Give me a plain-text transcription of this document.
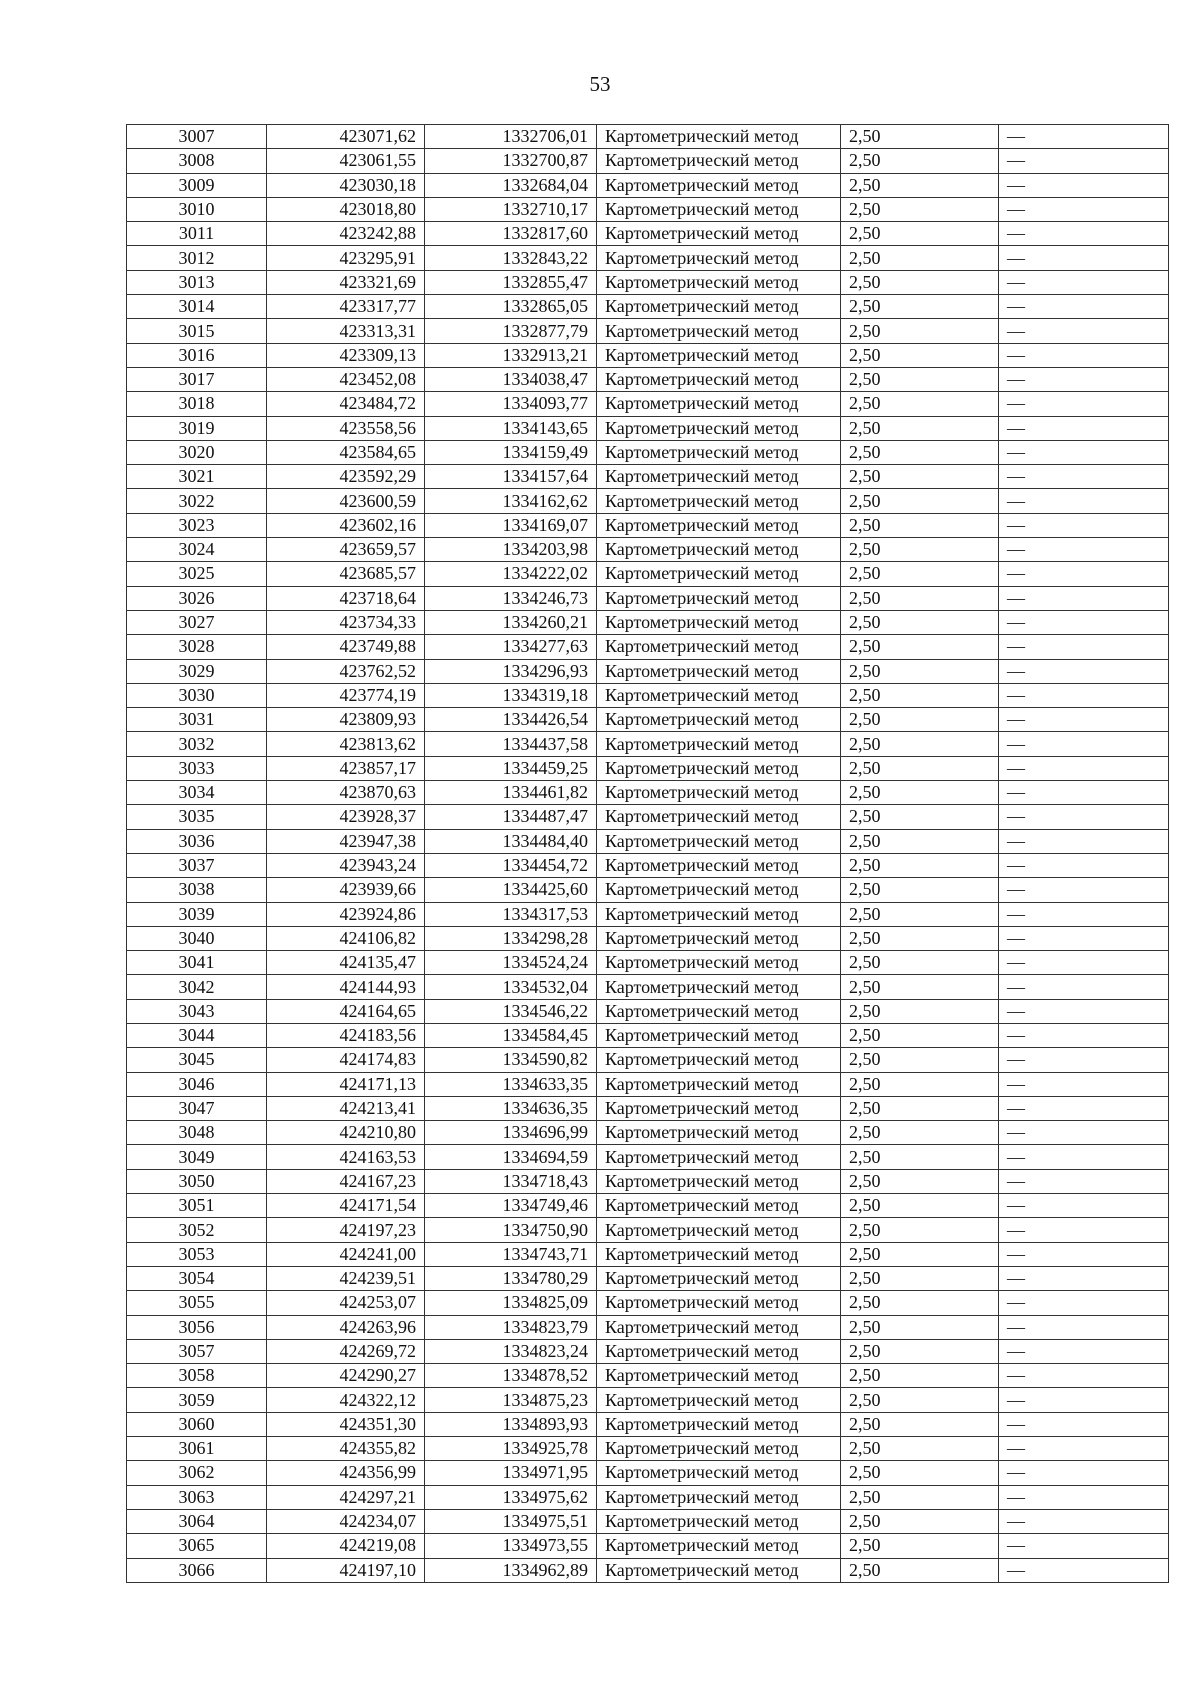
53
3007	423071,62	1332706,01	Картометрический метод	2,50	—
3008	423061,55	1332700,87	Картометрический метод	2,50	—
3009	423030,18	1332684,04	Картометрический метод	2,50	—
3010	423018,80	1332710,17	Картометрический метод	2,50	—
3011	423242,88	1332817,60	Картометрический метод	2,50	—
3012	423295,91	1332843,22	Картометрический метод	2,50	—
3013	423321,69	1332855,47	Картометрический метод	2,50	—
3014	423317,77	1332865,05	Картометрический метод	2,50	—
3015	423313,31	1332877,79	Картометрический метод	2,50	—
3016	423309,13	1332913,21	Картометрический метод	2,50	—
3017	423452,08	1334038,47	Картометрический метод	2,50	—
3018	423484,72	1334093,77	Картометрический метод	2,50	—
3019	423558,56	1334143,65	Картометрический метод	2,50	—
3020	423584,65	1334159,49	Картометрический метод	2,50	—
3021	423592,29	1334157,64	Картометрический метод	2,50	—
3022	423600,59	1334162,62	Картометрический метод	2,50	—
3023	423602,16	1334169,07	Картометрический метод	2,50	—
3024	423659,57	1334203,98	Картометрический метод	2,50	—
3025	423685,57	1334222,02	Картометрический метод	2,50	—
3026	423718,64	1334246,73	Картометрический метод	2,50	—
3027	423734,33	1334260,21	Картометрический метод	2,50	—
3028	423749,88	1334277,63	Картометрический метод	2,50	—
3029	423762,52	1334296,93	Картометрический метод	2,50	—
3030	423774,19	1334319,18	Картометрический метод	2,50	—
3031	423809,93	1334426,54	Картометрический метод	2,50	—
3032	423813,62	1334437,58	Картометрический метод	2,50	—
3033	423857,17	1334459,25	Картометрический метод	2,50	—
3034	423870,63	1334461,82	Картометрический метод	2,50	—
3035	423928,37	1334487,47	Картометрический метод	2,50	—
3036	423947,38	1334484,40	Картометрический метод	2,50	—
3037	423943,24	1334454,72	Картометрический метод	2,50	—
3038	423939,66	1334425,60	Картометрический метод	2,50	—
3039	423924,86	1334317,53	Картометрический метод	2,50	—
3040	424106,82	1334298,28	Картометрический метод	2,50	—
3041	424135,47	1334524,24	Картометрический метод	2,50	—
3042	424144,93	1334532,04	Картометрический метод	2,50	—
3043	424164,65	1334546,22	Картометрический метод	2,50	—
3044	424183,56	1334584,45	Картометрический метод	2,50	—
3045	424174,83	1334590,82	Картометрический метод	2,50	—
3046	424171,13	1334633,35	Картометрический метод	2,50	—
3047	424213,41	1334636,35	Картометрический метод	2,50	—
3048	424210,80	1334696,99	Картометрический метод	2,50	—
3049	424163,53	1334694,59	Картометрический метод	2,50	—
3050	424167,23	1334718,43	Картометрический метод	2,50	—
3051	424171,54	1334749,46	Картометрический метод	2,50	—
3052	424197,23	1334750,90	Картометрический метод	2,50	—
3053	424241,00	1334743,71	Картометрический метод	2,50	—
3054	424239,51	1334780,29	Картометрический метод	2,50	—
3055	424253,07	1334825,09	Картометрический метод	2,50	—
3056	424263,96	1334823,79	Картометрический метод	2,50	—
3057	424269,72	1334823,24	Картометрический метод	2,50	—
3058	424290,27	1334878,52	Картометрический метод	2,50	—
3059	424322,12	1334875,23	Картометрический метод	2,50	—
3060	424351,30	1334893,93	Картометрический метод	2,50	—
3061	424355,82	1334925,78	Картометрический метод	2,50	—
3062	424356,99	1334971,95	Картометрический метод	2,50	—
3063	424297,21	1334975,62	Картометрический метод	2,50	—
3064	424234,07	1334975,51	Картометрический метод	2,50	—
3065	424219,08	1334973,55	Картометрический метод	2,50	—
3066	424197,10	1334962,89	Картометрический метод	2,50	—
